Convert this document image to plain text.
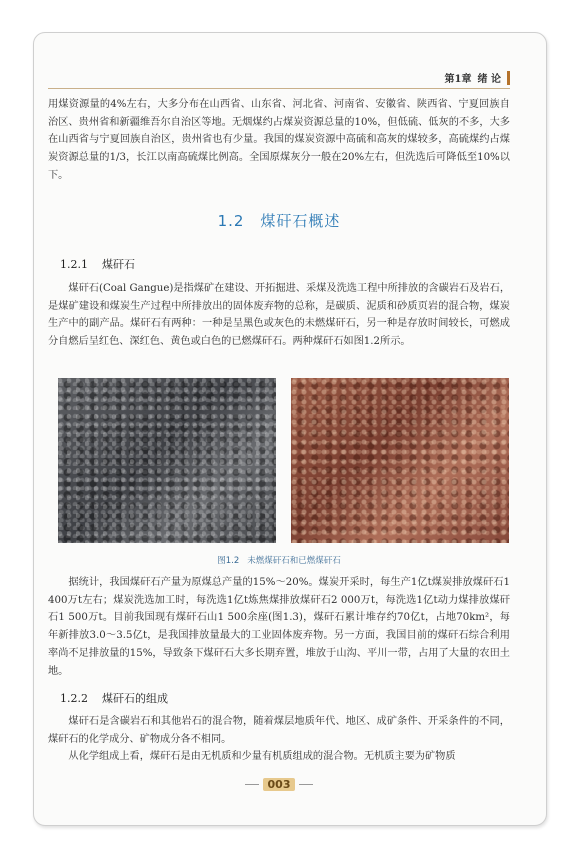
第1章 绪 论

用煤资源量的4%左右，大多分布在山西省、山东省、河北省、河南省、安徽省、陕西省、宁夏回族自治区、贵州省和新疆维吾尔自治区等地。无烟煤约占煤炭资源总量的10%，但低硫、低灰的不多，大多在山西省与宁夏回族自治区，贵州省也有少量。我国的煤炭资源中高硫和高灰的煤较多，高硫煤约占煤炭资源总量的1/3，长江以南高硫煤比例高。全国原煤灰分一般在20%左右，但洗选后可降低至10%以下。

1.2 煤矸石概述
1.2.1 煤矸石

煤矸石(Coal Gangue)是指煤矿在建设、开拓掘进、采煤及洗选工程中所排放的含碳岩石及岩石，是煤矿建设和煤炭生产过程中所排放出的固体废弃物的总称，是碳质、泥质和砂质页岩的混合物，煤炭生产中的副产品。煤矸石有两种：一种是呈黑色或灰色的未燃煤矸石，另一种是存放时间较长，可燃成分自燃后呈红色、深红色、黄色或白色的已燃煤矸石。两种煤矸石如图1.2所示。

图1.2 未燃煤矸石和已燃煤矸石

据统计，我国煤矸石产量为原煤总产量的15%～20%。煤炭开采时，每生产1亿t煤炭排放煤矸石1 400万t左右；煤炭洗选加工时，每洗选1亿t炼焦煤排放煤矸石2 000万t，每洗选1亿t动力煤排放煤矸石1 500万t。目前我国现有煤矸石山1 500余座(图1.3)，煤矸石累计堆存约70亿t，占地70km²，每年新排放3.0～3.5亿t，是我国排放量最大的工业固体废弃物。另一方面，我国目前的煤矸石综合利用率尚不足排放量的15%，导致条下煤矸石大多长期弃置，堆放于山沟、平川一带，占用了大量的农田土地。

1.2.2 煤矸石的组成

煤矸石是含碳岩石和其他岩石的混合物，随着煤层地质年代、地区、成矿条件、开采条件的不同，煤矸石的化学成分、矿物成分各不相同。

从化学组成上看，煤矸石是由无机质和少量有机质组成的混合物。无机质主要为矿物质

003
